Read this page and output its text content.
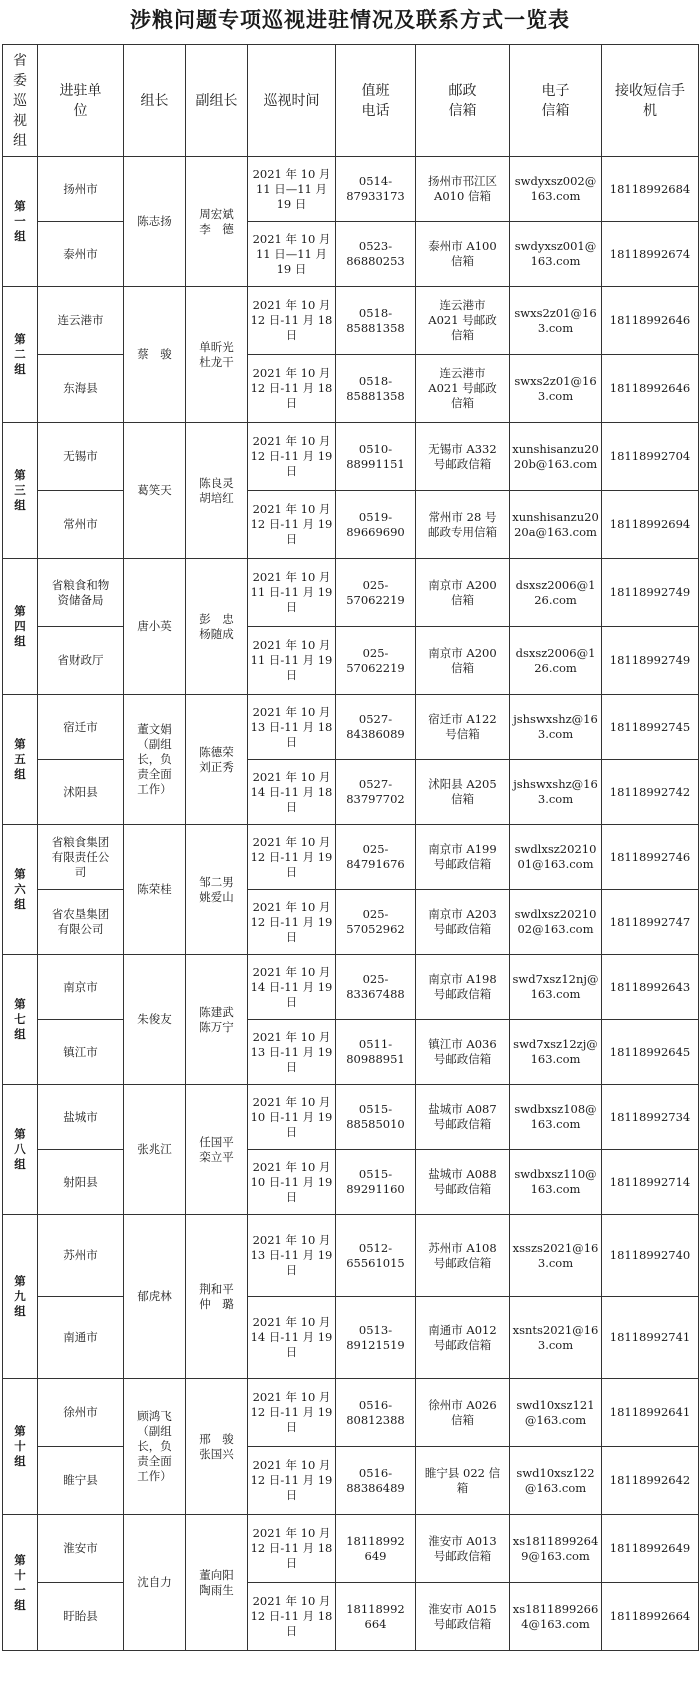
涉粮问题专项巡视进驻情况及联系方式一览表
省
委
巡
视
组	进驻单位	组长	副组长	巡视时间	值班电话	邮政信箱	电子信箱	接收短信手机

第
一
组	扬州市	陈志扬	周宏斌 李　德	2021 年 10 月 11 日—11 月 19 日	0514-87933173	扬州市邗江区 A010 信箱	swdyxsz002@163.com	18118992684
	泰州市			2021 年 10 月 11 日—11 月 19 日	0523-86880253	泰州市 A100 信箱	swdyxsz001@163.com	18118992674

第
二
组	连云港市	蔡　骏	单昕光 杜龙干	2021 年 10 月 12 日-11 月 18 日	0518-85881358	连云港市 A021 号邮政信箱	swxs2z01@163.com	18118992646
	东海县			2021 年 10 月 12 日-11 月 18 日	0518-85881358	连云港市 A021 号邮政信箱	swxs2z01@163.com	18118992646

第
三
组	无锡市	葛笑天	陈良灵 胡培红	2021 年 10 月 12 日-11 月 19 日	0510-88991151	无锡市 A332 号邮政信箱	xunshisanzu2020b@163.com	18118992704
	常州市			2021 年 10 月 12 日-11 月 19 日	0519-89669690	常州市 28 号邮政专用信箱	xunshisanzu2020a@163.com	18118992694

第
四
组	省粮食和物资储备局	唐小英	彭　忠 杨随成	2021 年 10 月 11 日-11 月 19 日	025-57062219	南京市 A200 信箱	dsxsz2006@126.com	18118992749
	省财政厅			2021 年 10 月 11 日-11 月 19 日	025-57062219	南京市 A200 信箱	dsxsz2006@126.com	18118992749

第
五
组	宿迁市	董文娟（副组长，负责全面工作）	陈德荣 刘正秀	2021 年 10 月 13 日-11 月 18 日	0527-84386089	宿迁市 A122 号信箱	jshswxshz@163.com	18118992745
	沭阳县			2021 年 10 月 14 日-11 月 18 日	0527-83797702	沭阳县 A205 信箱	jshswxshz@163.com	18118992742

第
六
组	省粮食集团有限责任公司	陈荣桂	邹二男 姚爱山	2021 年 10 月 12 日-11 月 19 日	025-84791676	南京市 A199 号邮政信箱	swdlxsz2021001@163.com	18118992746
	省农垦集团有限公司			2021 年 10 月 12 日-11 月 19 日	025-57052962	南京市 A203 号邮政信箱	swdlxsz2021002@163.com	18118992747

第
七
组	南京市	朱俊友	陈建武 陈万宁	2021 年 10 月 14 日-11 月 19 日	025-83367488	南京市 A198 号邮政信箱	swd7xsz12nj@163.com	18118992643
	镇江市			2021 年 10 月 13 日-11 月 19 日	0511-80988951	镇江市 A036 号邮政信箱	swd7xsz12zj@163.com	18118992645

第
八
组	盐城市	张兆江	任国平 栾立平	2021 年 10 月 10 日-11 月 19 日	0515-88585010	盐城市 A087 号邮政信箱	swdbxsz108@163.com	18118992734
	射阳县			2021 年 10 月 10 日-11 月 19 日	0515-89291160	盐城市 A088 号邮政信箱	swdbxsz110@163.com	18118992714

第
九
组	苏州市	郁虎林	荆和平 仲　璐	2021 年 10 月 13 日-11 月 19 日	0512-65561015	苏州市 A108 号邮政信箱	xsszs2021@163.com	18118992740
	南通市			2021 年 10 月 14 日-11 月 19 日	0513-89121519	南通市 A012 号邮政信箱	xsnts2021@163.com	18118992741

第
十
组	徐州市	顾鸿飞（副组长，负责全面工作）	邢　骏 张国兴	2021 年 10 月 12 日-11 月 19 日	0516-80812388	徐州市 A026 信箱	swd10xsz121@163.com	18118992641
	睢宁县			2021 年 10 月 12 日-11 月 19 日	0516-88386489	睢宁县 022 信箱	swd10xsz122@163.com	18118992642

第
十
一
组	淮安市	沈自力	董向阳 陶雨生	2021 年 10 月 12 日-11 月 18 日	18118992649	淮安市 A013 号邮政信箱	xs18118992649@163.com	18118992649
	盱眙县			2021 年 10 月 12 日-11 月 18 日	18118992664	淮安市 A015 号邮政信箱	xs18118992664@163.com	18118992664
